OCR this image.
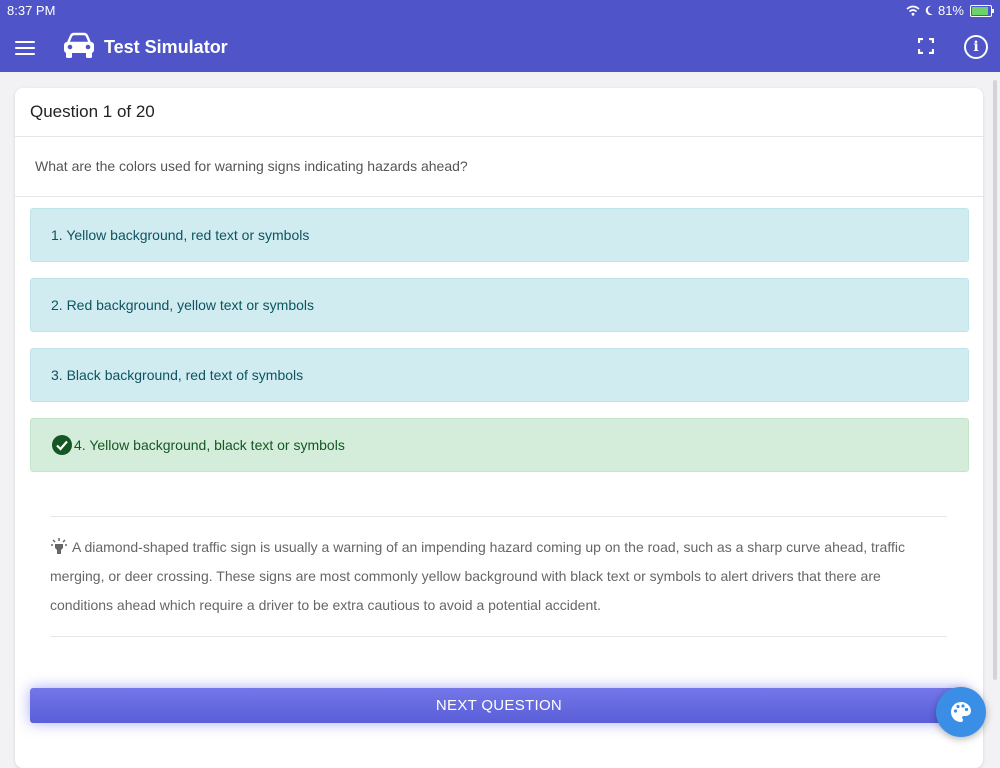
8:37 PM	81%
Test Simulator	i
Question 1 of 20
What are the colors used for warning signs indicating hazards ahead?
1. Yellow background, red text or symbols
2. Red background, yellow text or symbols
3. Black background, red text of symbols
4. Yellow background, black text or symbols
A diamond-shaped traffic sign is usually a warning of an impending hazard coming up on the road, such as a sharp curve ahead, traffic merging, or deer crossing. These signs are most commonly yellow background with black text or symbols to alert drivers that there are conditions ahead which require a driver to be extra cautious to avoid a potential accident.
NEXT QUESTION
